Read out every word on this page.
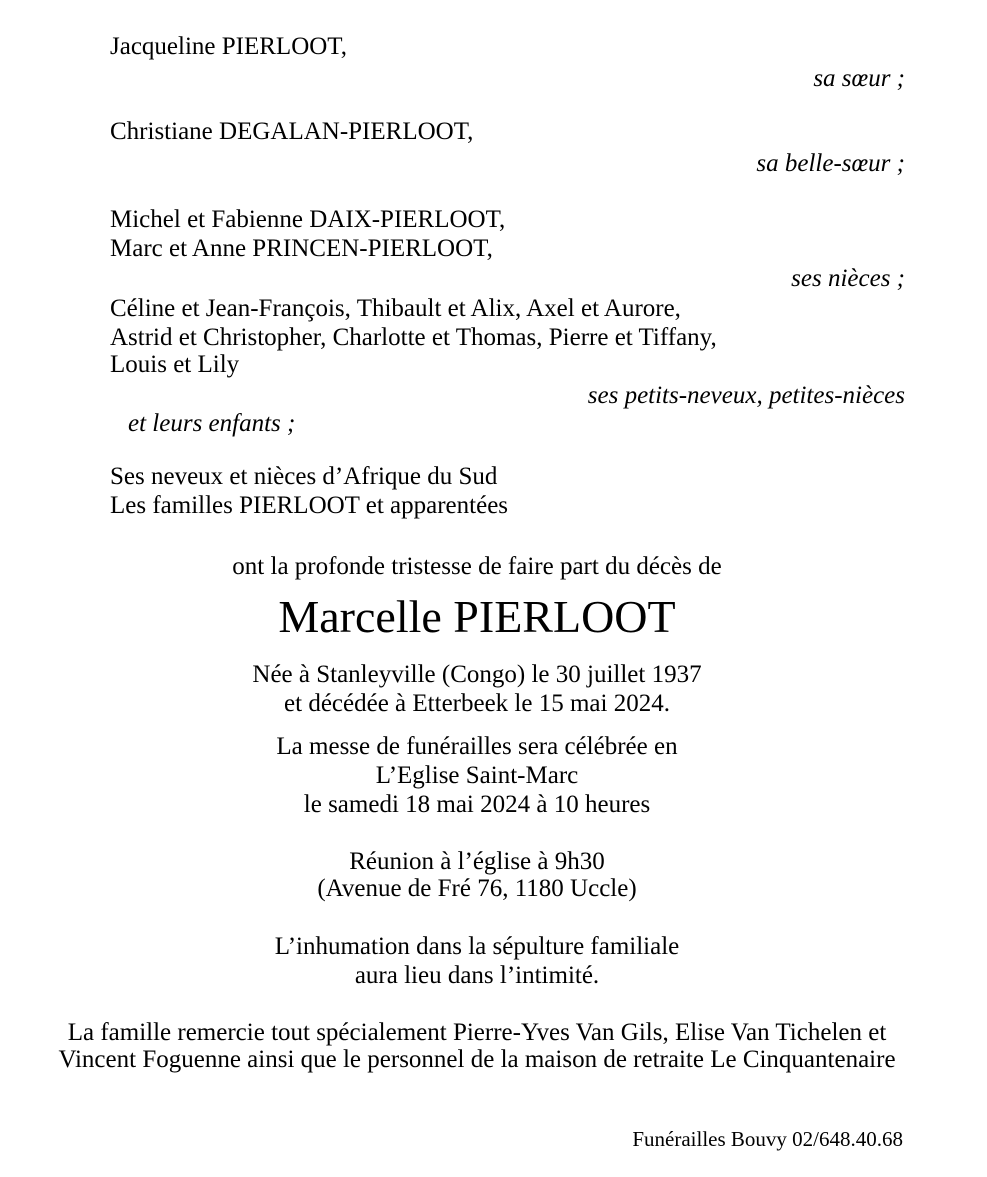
Jacqueline PIERLOOT,
sa sœur ;
Christiane DEGALAN-PIERLOOT,
sa belle-sœur ;
Michel et Fabienne DAIX-PIERLOOT,
Marc et Anne PRINCEN-PIERLOOT,
ses nièces ;
Céline et Jean-François, Thibault et Alix, Axel et Aurore,
Astrid et Christopher, Charlotte et Thomas, Pierre et Tiffany,
Louis et Lily
ses petits-neveux, petites-nièces
et leurs enfants ;
Ses neveux et nièces d’Afrique du Sud
Les familles PIERLOOT et apparentées
ont la profonde tristesse de faire part du décès de
Marcelle PIERLOOT
Née à Stanleyville (Congo) le 30 juillet 1937
et décédée à Etterbeek le 15 mai 2024.
La messe de funérailles sera célébrée en
L’Eglise Saint-Marc
le samedi 18 mai 2024 à 10 heures
Réunion à l’église à 9h30
(Avenue de Fré 76, 1180 Uccle)
L’inhumation dans la sépulture familiale
aura lieu dans l’intimité.
La famille remercie tout spécialement Pierre-Yves Van Gils, Elise Van Tichelen et
Vincent Foguenne ainsi que le personnel de la maison de retraite Le Cinquantenaire
Funérailles Bouvy 02/648.40.68
